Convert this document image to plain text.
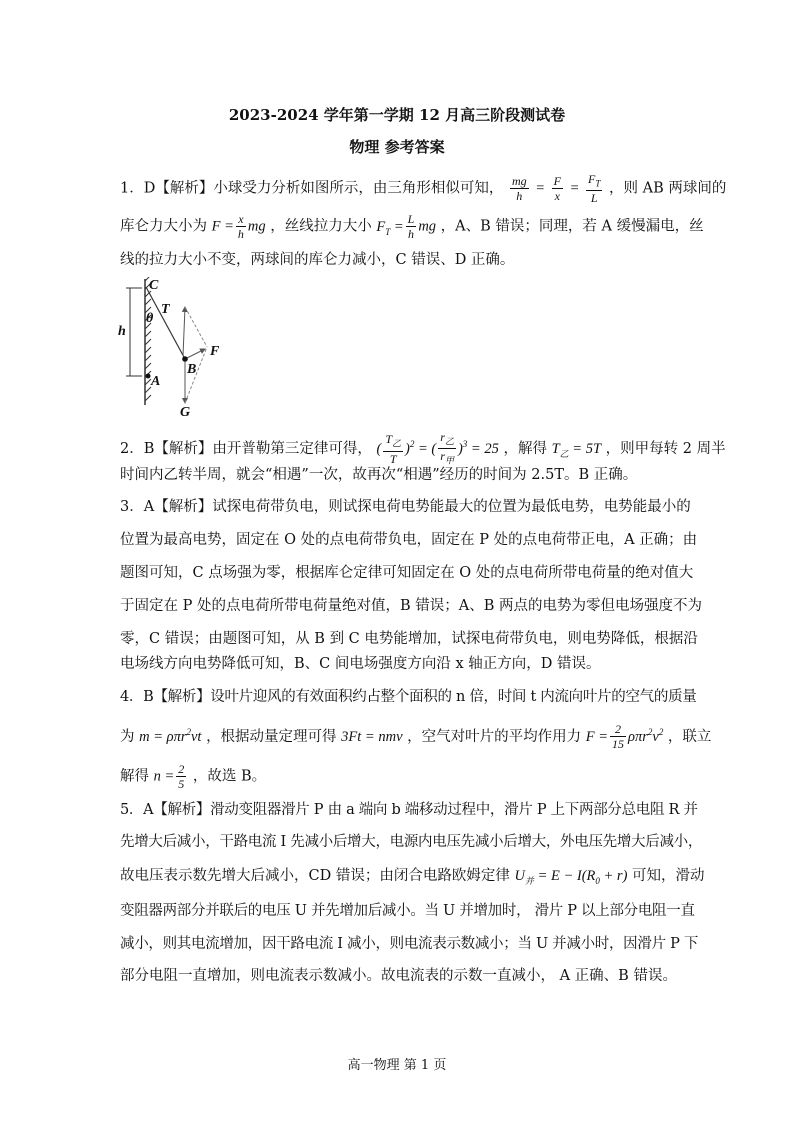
2023-2024 学年第一学期 12 月高三阶段测试卷
物理 参考答案
1．D【解析】小球受力分析如图所示，由三角形相似可知， $\frac{mg}{h} = \frac{F}{x} = \frac{F_T}{L}$ ，则 AB 两球间的
库仑力大小为 $F = \frac{x}{h}$ mg ，丝线拉力大小 $F_T = \frac{L}{h}$ mg ，A、B 错误；同理，若 A 缓慢漏电，丝
线的拉力大小不变，两球间的库仑力减小，C 错误、D 正确。
C
T
θ
h
B
F
A
G
2．B【解析】由开普勒第三定律可得， ( $\frac{T_乙}{T} )^2$ = ( $\frac{r_乙}{r_甲} )^3 = 25$ ，解得 $T_乙 = 5T$ ，则甲每转 2 周半
时间内乙转半周，就会“相遇”一次，故再次“相遇”经历的时间为 2.5T。B 正确。
3．A【解析】试探电荷带负电，则试探电荷电势能最大的位置为最低电势，电势能最小的
位置为最高电势，固定在 O 处的点电荷带负电，固定在 P 处的点电荷带正电，A 正确；由
题图可知，C 点场强为零，根据库仑定律可知固定在 O 处的点电荷所带电荷量的绝对值大
于固定在 P 处的点电荷所带电荷量绝对值，B 错误；A、B 两点的电势为零但电场强度不为
零，C 错误；由题图可知，从 B 到 C 电势能增加，试探电荷带负电，则电势降低，根据沿
电场线方向电势降低可知，B、C 间电场强度方向沿 x 轴正方向，D 错误。
4．B【解析】设叶片迎风的有效面积约占整个面积的 n 倍，时间 t 内流向叶片的空气的质量
为 m = ρπr$^2$vt ，根据动量定理可得 3Ft = nmv ，空气对叶片的平均作用力 $F = \frac{2}{15} \rho\pi r^2v^2$ ，联立
解得 $n = \frac{2}{5}$ ，故选 B。
5．A【解析】滑动变阻器滑片 P 由 a 端向 b 端移动过程中，滑片 P 上下两部分总电阻 R 并
先增大后减小，干路电流 I 先减小后增大，电源内电压先减小后增大，外电压先增大后减小，
故电压表示数先增大后减小，CD 错误；由闭合电路欧姆定律 $U_并 = E - I(R_0 + r)$ 可知，滑动
变阻器两部分并联后的电压 U 并先增加后减小。当 U 并增加时， 滑片 P 以上部分电阻一直
减小，则其电流增加，因干路电流 I 减小，则电流表示数减小；当 U 并减小时，因滑片 P 下
部分电阻一直增加，则电流表示数减小。故电流表的示数一直减小， A 正确、B 错误。
高一物理 第 1 页
